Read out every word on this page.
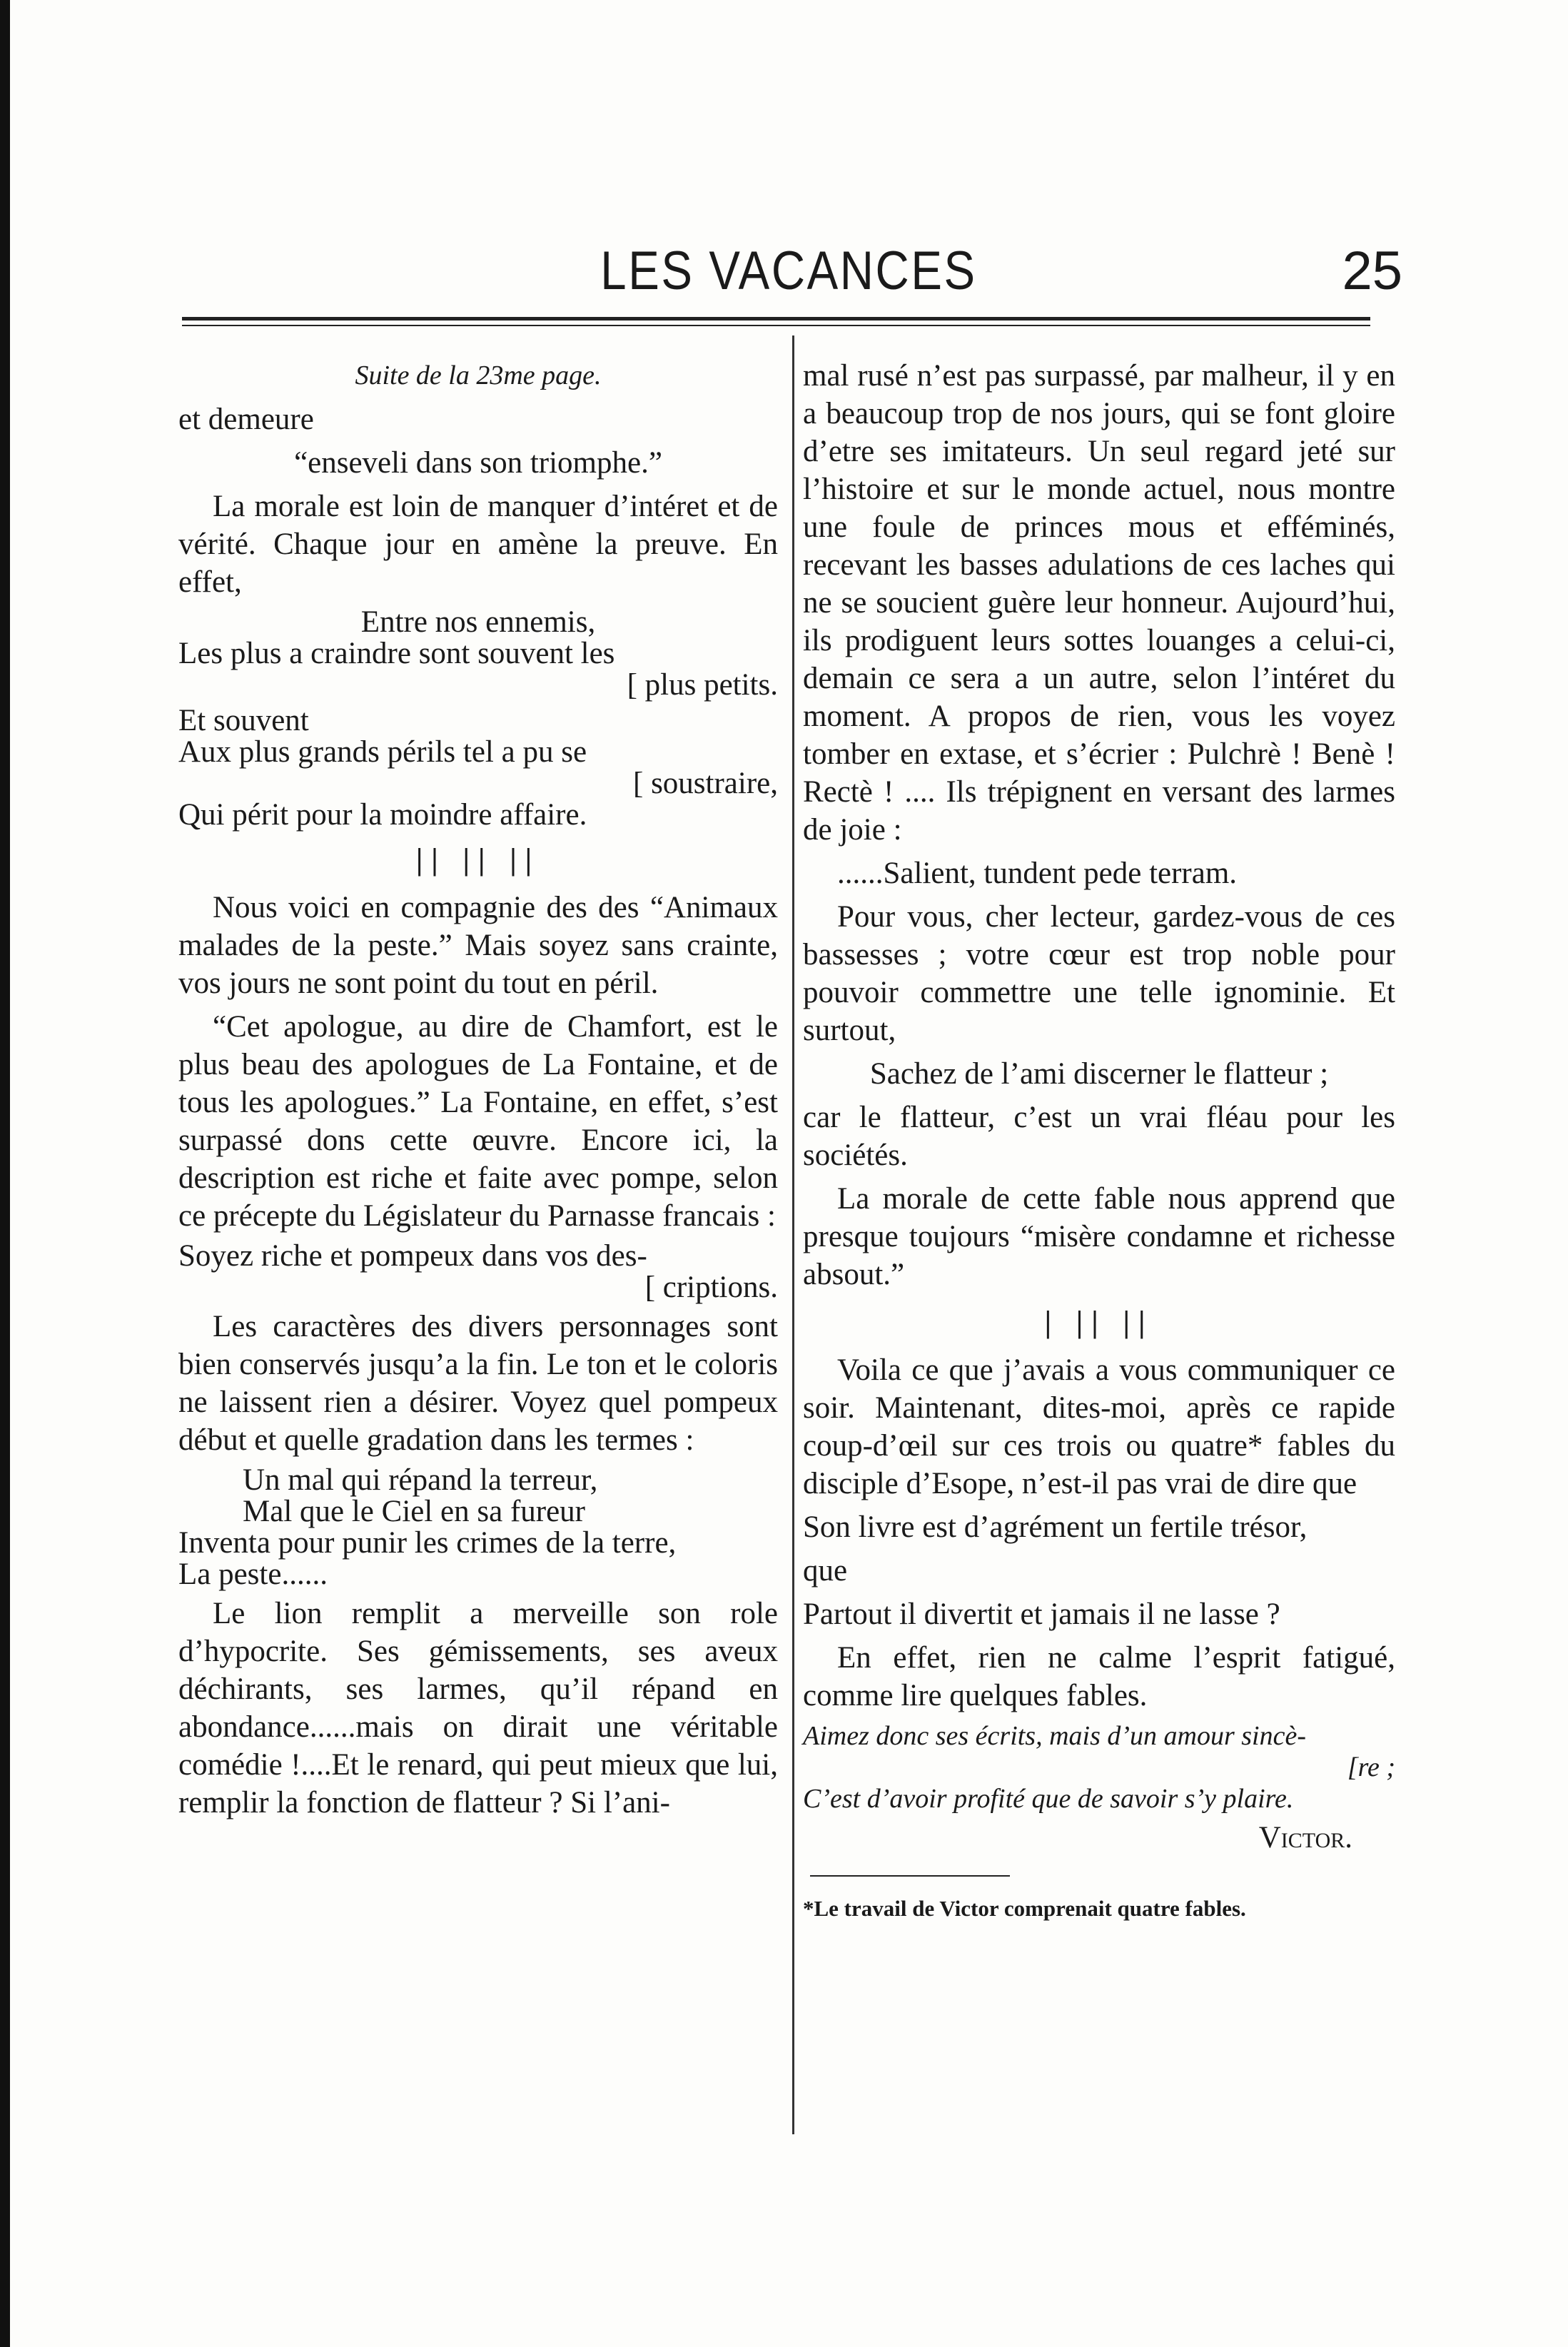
LES VACANCES	25

Suite de la 23me page.

et demeure

“enseveli dans son triomphe.”

La morale est loin de manquer d’intéret et de vérité. Chaque jour en amène la preuve. En effet,

Entre nos ennemis,
Les plus a craindre sont souvent les
[ plus petits.
Et souvent
Aux plus grands périls tel a pu se
[ soustraire,
Qui périt pour la moindre affaire.
|| || ||

Nous voici en compagnie des des “Animaux malades de la peste.” Mais soyez sans crainte, vos jours ne sont point du tout en péril.

“Cet apologue, au dire de Chamfort, est le plus beau des apologues de La Fontaine, et de tous les apologues.” La Fontaine, en effet, s’est surpassé dons cette œuvre. Encore ici, la description est riche et faite avec pompe, selon ce précepte du Législateur du Parnasse francais :

Soyez riche et pompeux dans vos des-
[ criptions.

Les caractères des divers personnages sont bien conservés jusqu’a la fin. Le ton et le coloris ne laissent rien a désirer. Voyez quel pompeux début et quelle gradation dans les termes :

Un mal qui répand la terreur,
Mal que le Ciel en sa fureur
Inventa pour punir les crimes de la terre,
La peste......

Le lion remplit a merveille son role d’hypocrite. Ses gémissements, ses aveux déchirants, ses larmes, qu’il répand en abondance......mais on dirait une véritable comédie !....Et le renard, qui peut mieux que lui, remplir la fonction de flatteur ? Si l’ani-

mal rusé n’est pas surpassé, par malheur, il y en a beaucoup trop de nos jours, qui se font gloire d’etre ses imitateurs. Un seul regard jeté sur l’histoire et sur le monde actuel, nous montre une foule de princes mous et efféminés, recevant les basses adulations de ces laches qui ne se soucient guère leur honneur. Aujourd’hui, ils prodiguent leurs sottes louanges a celui-ci, demain ce sera a un autre, selon l’intéret du moment. A propos de rien, vous les voyez tomber en extase, et s’écrier : Pulchrè ! Benè ! Rectè ! .... Ils trépignent en versant des larmes de joie :

......Salient, tundent pede terram.

Pour vous, cher lecteur, gardez-vous de ces bassesses ; votre cœur est trop noble pour pouvoir commettre une telle ignominie. Et surtout,

Sachez de l’ami discerner le flatteur ;

car le flatteur, c’est un vrai fléau pour les sociétés.

La morale de cette fable nous apprend que presque toujours “misère condamne et richesse absout.”

| || ||

Voila ce que j’avais a vous communiquer ce soir. Maintenant, dites-moi, après ce rapide coup-d’œil sur ces trois ou quatre* fables du disciple d’Esope, n’est-il pas vrai de dire que

Son livre est d’agrément un fertile trésor,

que

Partout il divertit et jamais il ne lasse ?

En effet, rien ne calme l’esprit fatigué, comme lire quelques fables.

Aimez donc ses écrits, mais d’un amour sincè-
[re ;
C’est d’avoir profité que de savoir s’y plaire.
Victor.
*Le travail de Victor comprenait quatre fables.
